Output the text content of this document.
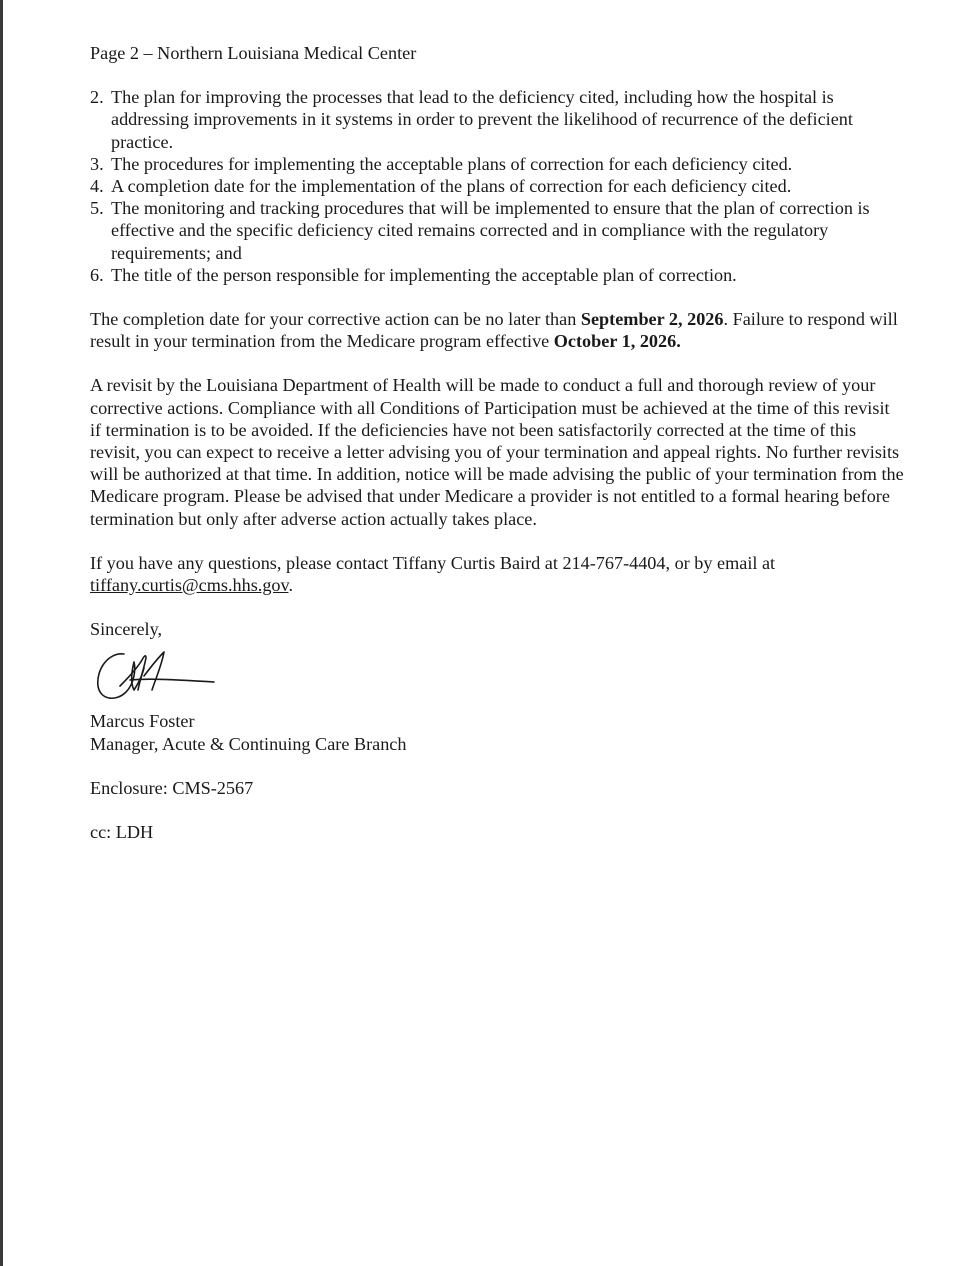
Page 2 – Northern Louisiana Medical Center
2. The plan for improving the processes that lead to the deficiency cited, including how the hospital is addressing improvements in it systems in order to prevent the likelihood of recurrence of the deficient practice.
3. The procedures for implementing the acceptable plans of correction for each deficiency cited.
4. A completion date for the implementation of the plans of correction for each deficiency cited.
5. The monitoring and tracking procedures that will be implemented to ensure that the plan of correction is effective and the specific deficiency cited remains corrected and in compliance with the regulatory requirements; and
6. The title of the person responsible for implementing the acceptable plan of correction.

The completion date for your corrective action can be no later than September 2, 2026. Failure to respond will result in your termination from the Medicare program effective October 1, 2026.

A revisit by the Louisiana Department of Health will be made to conduct a full and thorough review of your corrective actions. Compliance with all Conditions of Participation must be achieved at the time of this revisit if termination is to be avoided. If the deficiencies have not been satisfactorily corrected at the time of this revisit, you can expect to receive a letter advising you of your termination and appeal rights. No further revisits will be authorized at that time. In addition, notice will be made advising the public of your termination from the Medicare program. Please be advised that under Medicare a provider is not entitled to a formal hearing before termination but only after adverse action actually takes place.

If you have any questions, please contact Tiffany Curtis Baird at 214-767-4404, or by email at tiffany.curtis@cms.hhs.gov.

Sincerely,

Marcus Foster
Manager, Acute & Continuing Care Branch

Enclosure: CMS-2567

cc: LDH
